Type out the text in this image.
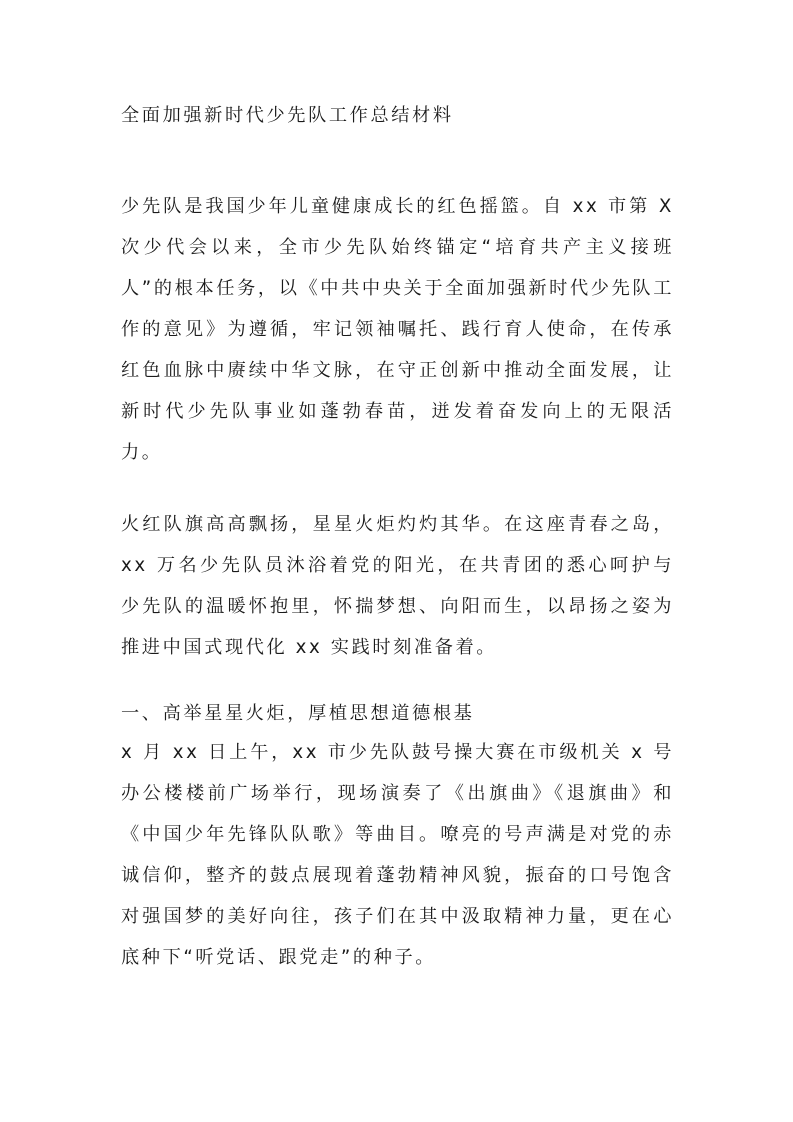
全面加强新时代少先队工作总结材料

少先队是我国少年儿童健康成长的红色摇篮。自 xx 市第 X 次少代会以来，全市少先队始终锚定“培育共产主义接班人”的根本任务，以《中共中央关于全面加强新时代少先队工作的意见》为遵循，牢记领袖嘱托、践行育人使命，在传承红色血脉中赓续中华文脉，在守正创新中推动全面发展，让新时代少先队事业如蓬勃春苗，迸发着奋发向上的无限活力。

火红队旗高高飘扬，星星火炬灼灼其华。在这座青春之岛，xx 万名少先队员沐浴着党的阳光，在共青团的悉心呵护与少先队的温暖怀抱里，怀揣梦想、向阳而生，以昂扬之姿为推进中国式现代化 xx 实践时刻准备着。

一、高举星星火炬，厚植思想道德根基

x 月 xx 日上午，xx 市少先队鼓号操大赛在市级机关 x 号办公楼楼前广场举行，现场演奏了《出旗曲》《退旗曲》和《中国少年先锋队队歌》等曲目。嘹亮的号声满是对党的赤诚信仰，整齐的鼓点展现着蓬勃精神风貌，振奋的口号饱含对强国梦的美好向往，孩子们在其中汲取精神力量，更在心底种下“听党话、跟党走”的种子。
